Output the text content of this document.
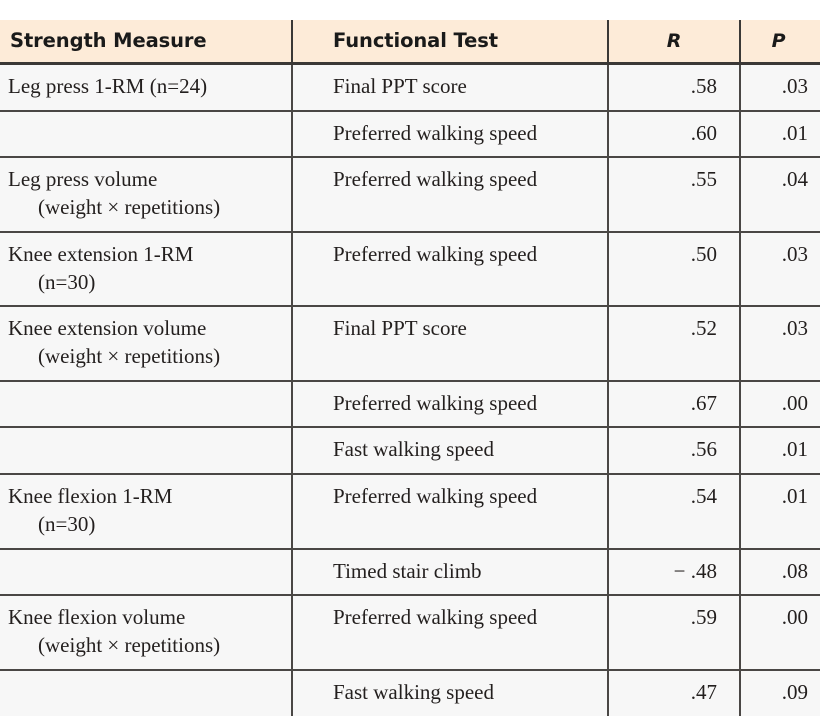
Strength Measure	Functional Test	R	P
Leg press 1-RM (n=24)	Final PPT score	.58	.03
	Preferred walking speed	.60	.01
Leg press volume
(weight × repetitions)	Preferred walking speed	.55	.04
Knee extension 1-RM
(n=30)	Preferred walking speed	.50	.03
Knee extension volume
(weight × repetitions)	Final PPT score	.52	.03
	Preferred walking speed	.67	.00
	Fast walking speed	.56	.01
Knee flexion 1-RM
(n=30)	Preferred walking speed	.54	.01
	Timed stair climb	− .48	.08
Knee flexion volume
(weight × repetitions)	Preferred walking speed	.59	.00
	Fast walking speed	.47	.09
